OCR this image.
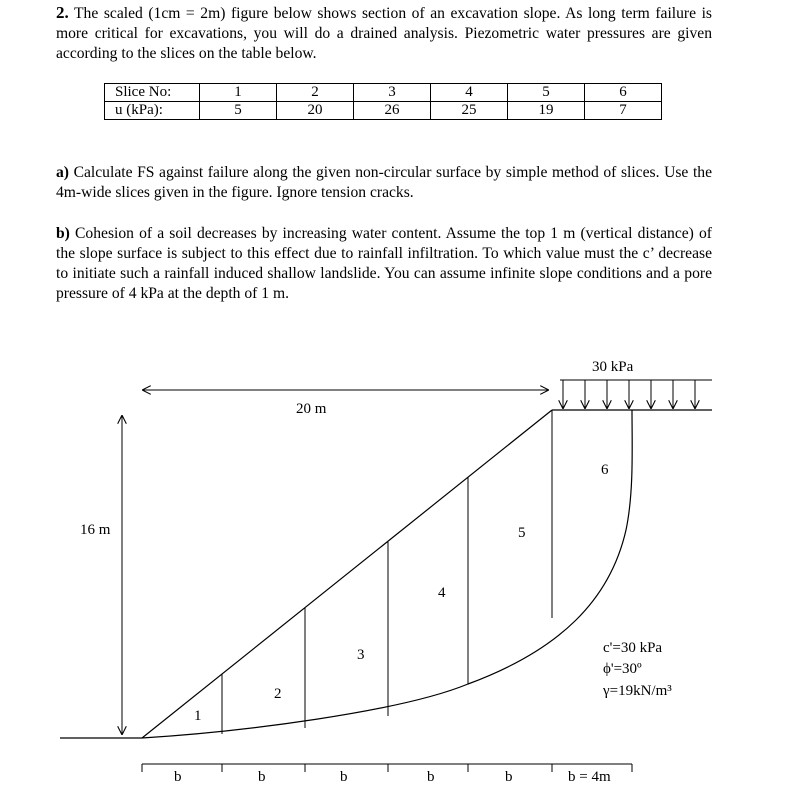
2. The scaled (1cm = 2m) figure below shows section of an excavation slope. As long term failure is more critical for excavations, you will do a drained analysis. Piezometric water pressures are given according to the slices on the table below.

Slice No:	1	2	3	4	5	6
u (kPa):	5	20	26	25	19	7

a) Calculate FS against failure along the given non-circular surface by simple method of slices. Use the 4m-wide slices given in the figure. Ignore tension cracks.

b) Cohesion of a soil decreases by increasing water content. Assume the top 1 m (vertical distance) of the slope surface is subject to this effect due to rainfall infiltration. To which value must the c’ decrease to initiate such a rainfall induced shallow landslide. You can assume infinite slope conditions and a pore pressure of 4 kPa at the depth of 1 m.

1
2
3
4
5
6
20 m
16 m
30 kPa
c'=30 kPa
ϕ'=30º
γ=19kN/m³
b	b	b	b	b	b = 4m
